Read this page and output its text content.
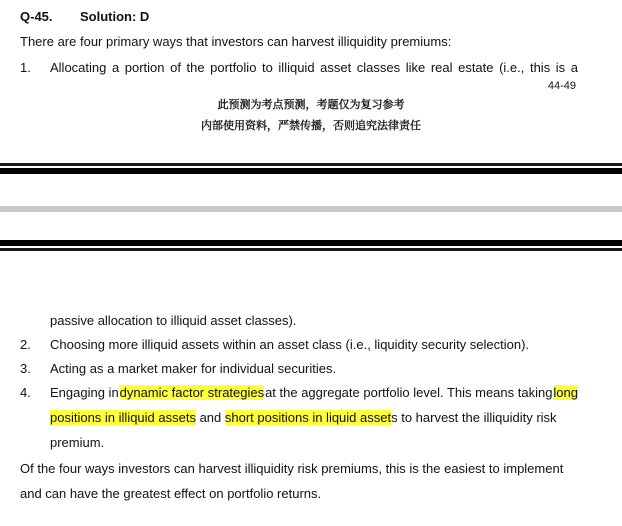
Q-45. Solution: D
There are four primary ways that investors can harvest illiquidity premiums:
1. Allocating a portion of the portfolio to illiquid asset classes like real estate (i.e., this is a
44-49
此预测为考点预测，考题仅为复习参考
内部使用资料，严禁传播，否则追究法律责任
passive allocation to illiquid asset classes).
2. Choosing more illiquid assets within an asset class (i.e., liquidity security selection).
3. Acting as a market maker for individual securities.
4. Engaging in dynamic factor strategies at the aggregate portfolio level. This means taking long
positions in illiquid assets and short positions in liquid assets to harvest the illiquidity risk
premium.
Of the four ways investors can harvest illiquidity risk premiums, this is the easiest to implement
and can have the greatest effect on portfolio returns.
